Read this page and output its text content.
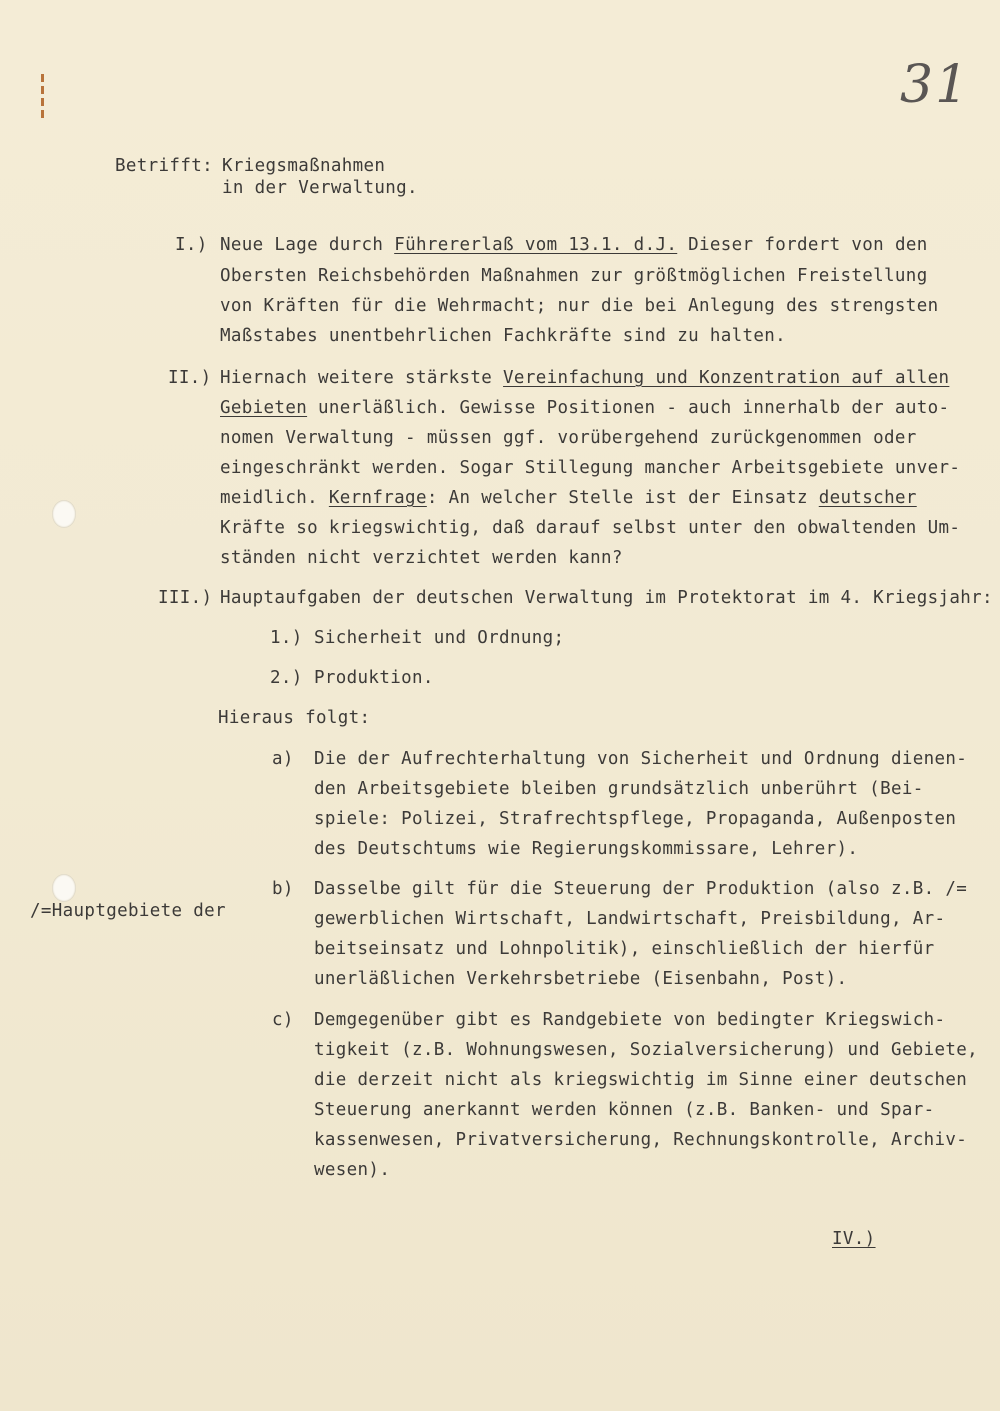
31
Betrifft: Kriegsmaßnahmen
in der Verwaltung.
I.) Neue Lage durch Führererlaß vom 13.1. d.J. Dieser fordert von den
Obersten Reichsbehörden Maßnahmen zur größtmöglichen Freistellung
von Kräften für die Wehrmacht; nur die bei Anlegung des strengsten
Maßstabes unentbehrlichen Fachkräfte sind zu halten.
II.) Hiernach weitere stärkste Vereinfachung und Konzentration auf allen
Gebieten unerläßlich. Gewisse Positionen - auch innerhalb der auto-
nomen Verwaltung - müssen ggf. vorübergehend zurückgenommen oder
eingeschränkt werden. Sogar Stillegung mancher Arbeitsgebiete unver-
meidlich. Kernfrage: An welcher Stelle ist der Einsatz deutscher
Kräfte so kriegswichtig, daß darauf selbst unter den obwaltenden Um-
ständen nicht verzichtet werden kann?
III.) Hauptaufgaben der deutschen Verwaltung im Protektorat im 4. Kriegsjahr:
1.) Sicherheit und Ordnung;
2.) Produktion.
Hieraus folgt:
a) Die der Aufrechterhaltung von Sicherheit und Ordnung dienen-
den Arbeitsgebiete bleiben grundsätzlich unberührt (Bei-
spiele: Polizei, Strafrechtspflege, Propaganda, Außenposten
des Deutschtums wie Regierungskommissare, Lehrer).
/=Hauptgebiete der
b) Dasselbe gilt für die Steuerung der Produktion (also z.B. /=
gewerblichen Wirtschaft, Landwirtschaft, Preisbildung, Ar-
beitseinsatz und Lohnpolitik), einschließlich der hierfür
unerläßlichen Verkehrsbetriebe (Eisenbahn, Post).
c) Demgegenüber gibt es Randgebiete von bedingter Kriegswich-
tigkeit (z.B. Wohnungswesen, Sozialversicherung) und Gebiete,
die derzeit nicht als kriegswichtig im Sinne einer deutschen
Steuerung anerkannt werden können (z.B. Banken- und Spar-
kassenwesen, Privatversicherung, Rechnungskontrolle, Archiv-
wesen).
IV.)
